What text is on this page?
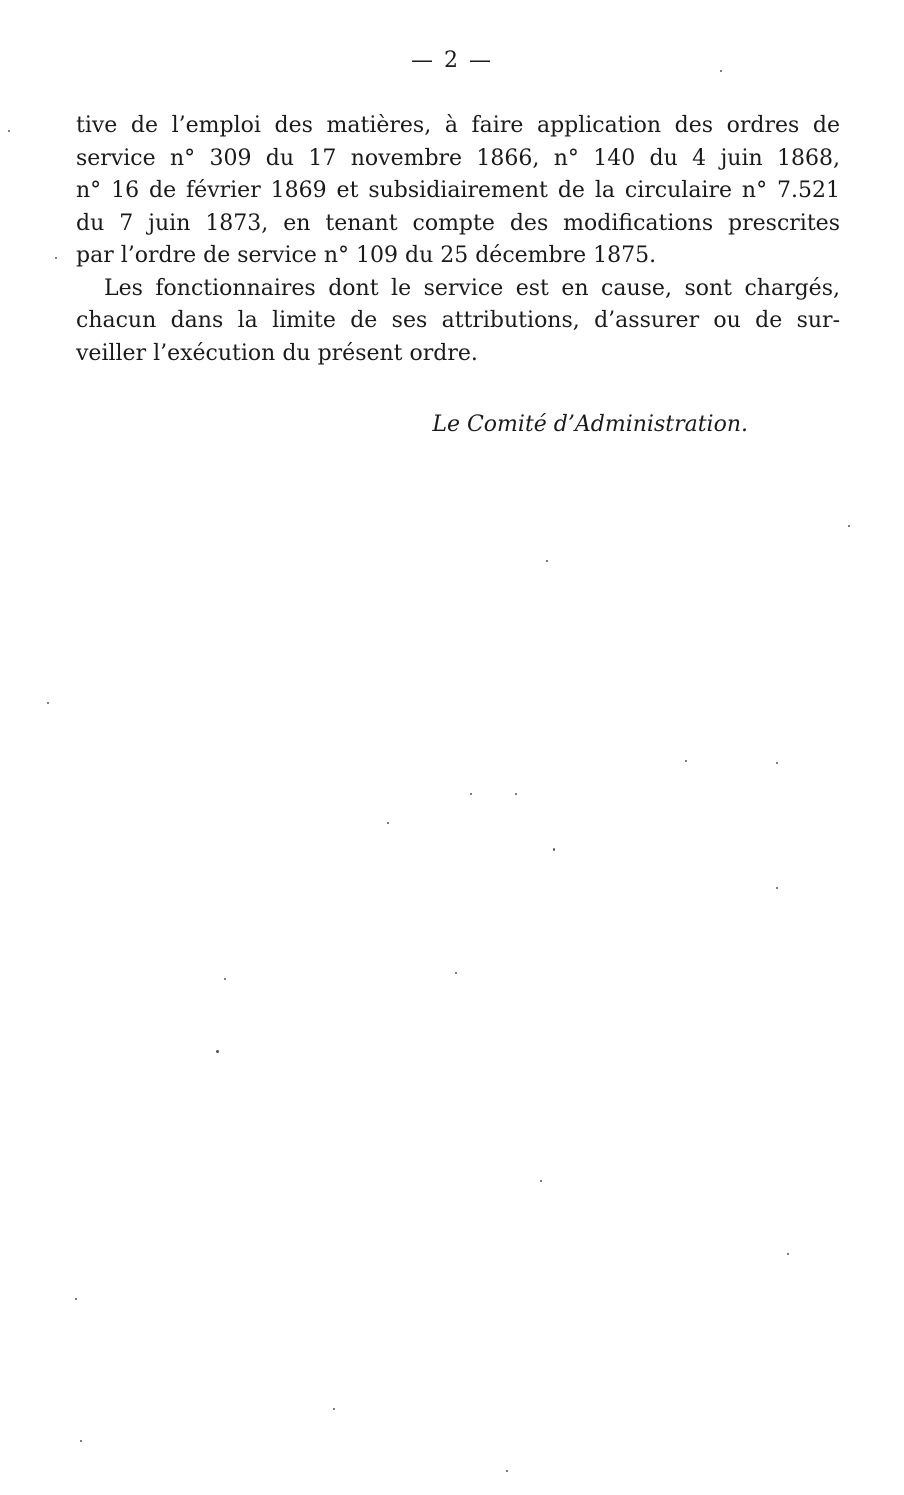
— 2 —
tive de l’emploi des matières, à faire application des ordres de
service n° 309 du 17 novembre 1866, n° 140 du 4 juin 1868,
n° 16 de février 1869 et subsidiairement de la circulaire n° 7.521
du 7 juin 1873, en tenant compte des modifications prescrites
par l’ordre de service n° 109 du 25 décembre 1875.
Les fonctionnaires dont le service est en cause, sont chargés,
chacun dans la limite de ses attributions, d’assurer ou de sur-
veiller l’exécution du présent ordre.
Le Comité d’Administration.
